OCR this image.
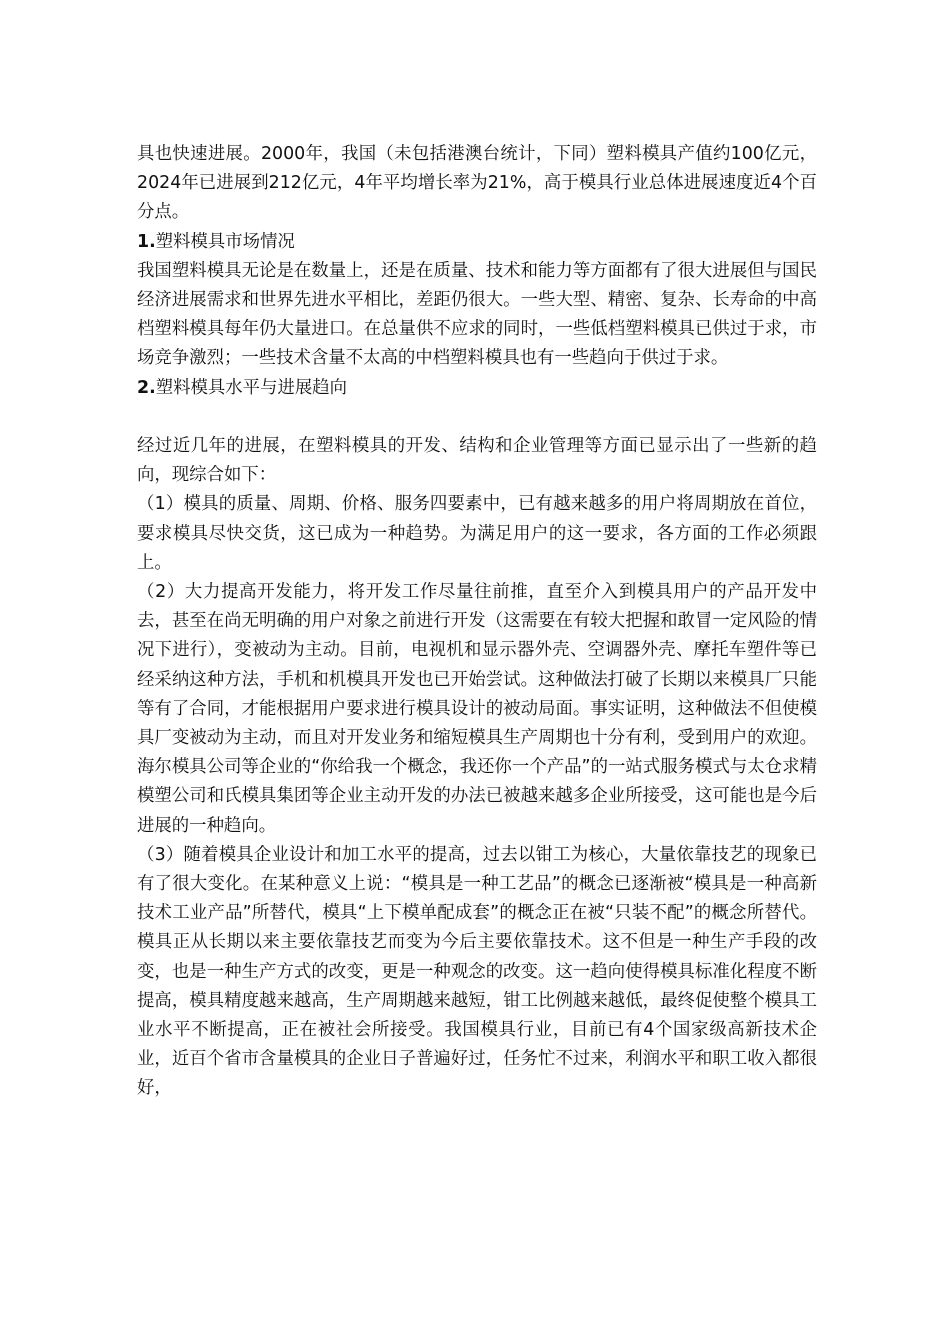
具也快速进展。2000年，我国（未包括港澳台统计，下同）塑料模具产值约100亿元，2024年已进展到212亿元，4年平均增长率为21%，高于模具行业总体进展速度近4个百分点。

1.塑料模具市场情况

我国塑料模具无论是在数量上，还是在质量、技术和能力等方面都有了很大进展但与国民经济进展需求和世界先进水平相比，差距仍很大。一些大型、精密、复杂、长寿命的中高档塑料模具每年仍大量进口。在总量供不应求的同时，一些低档塑料模具已供过于求，市场竞争激烈；一些技术含量不太高的中档塑料模具也有一些趋向于供过于求。

2.塑料模具水平与进展趋向

经过近几年的进展，在塑料模具的开发、结构和企业管理等方面已显示出了一些新的趋向，现综合如下：

（1）模具的质量、周期、价格、服务四要素中，已有越来越多的用户将周期放在首位，要求模具尽快交货，这已成为一种趋势。为满足用户的这一要求，各方面的工作必须跟上。

（2）大力提高开发能力，将开发工作尽量往前推，直至介入到模具用户的产品开发中去，甚至在尚无明确的用户对象之前进行开发（这需要在有较大把握和敢冒一定风险的情况下进行），变被动为主动。目前，电视机和显示器外壳、空调器外壳、摩托车塑件等已经采纳这种方法，手机和机模具开发也已开始尝试。这种做法打破了长期以来模具厂只能等有了合同，才能根据用户要求进行模具设计的被动局面。事实证明，这种做法不但使模具厂变被动为主动，而且对开发业务和缩短模具生产周期也十分有利，受到用户的欢迎。海尔模具公司等企业的“你给我一个概念，我还你一个产品”的一站式服务模式与太仓求精模塑公司和氏模具集团等企业主动开发的办法已被越来越多企业所接受，这可能也是今后进展的一种趋向。

（3）随着模具企业设计和加工水平的提高，过去以钳工为核心，大量依靠技艺的现象已有了很大变化。在某种意义上说：“模具是一种工艺品”的概念已逐渐被“模具是一种高新技术工业产品”所替代，模具“上下模单配成套”的概念正在被“只装不配”的概念所替代。模具正从长期以来主要依靠技艺而变为今后主要依靠技术。这不但是一种生产手段的改变，也是一种生产方式的改变，更是一种观念的改变。这一趋向使得模具标准化程度不断提高，模具精度越来越高，生产周期越来越短，钳工比例越来越低，最终促使整个模具工业水平不断提高，正在被社会所接受。我国模具行业，目前已有4个国家级高新技术企业，近百个省市含量模具的企业日子普遍好过，任务忙不过来，利润水平和职工收入都很好，
